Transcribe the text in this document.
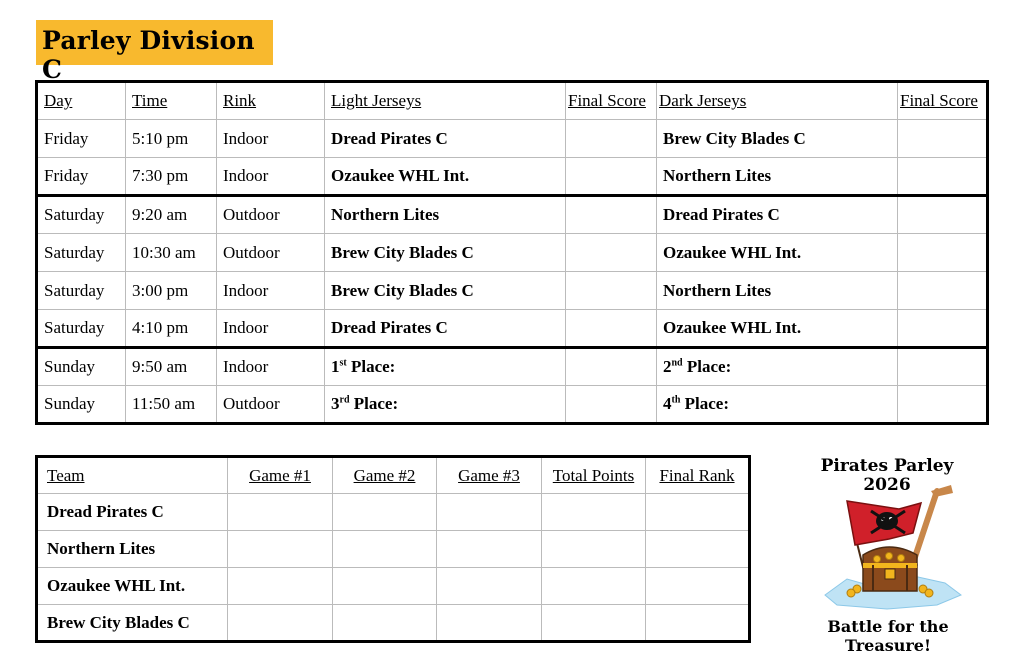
Parley Division C
Day	Time	Rink	Light Jerseys	Final Score	Dark Jerseys	Final Score
Friday	5:10 pm	Indoor	Dread Pirates C		Brew City Blades C	
Friday	7:30 pm	Indoor	Ozaukee WHL Int.		Northern Lites	
Saturday	9:20 am	Outdoor	Northern Lites		Dread Pirates C	
Saturday	10:30 am	Outdoor	Brew City Blades C		Ozaukee WHL Int.	
Saturday	3:00 pm	Indoor	Brew City Blades C		Northern Lites	
Saturday	4:10 pm	Indoor	Dread Pirates C		Ozaukee WHL Int.	
Sunday	9:50 am	Indoor	1st Place:		2nd Place:	
Sunday	11:50 am	Outdoor	3rd Place:		4th Place:	
Team	Game #1	Game #2	Game #3	Total Points	Final Rank
Dread Pirates C					
Northern Lites					
Ozaukee WHL Int.					
Brew City Blades C					
Pirates Parley
2026
Battle for the Treasure!
